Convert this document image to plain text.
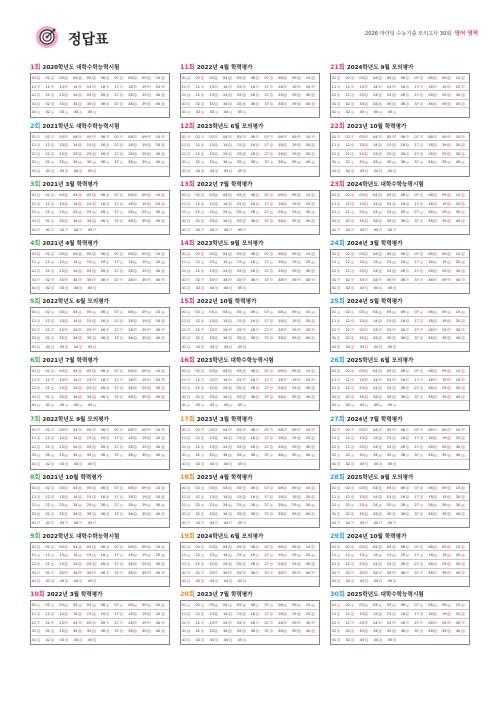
정답표	2026 마더텅 수능기출 모의고사 30회 영어 영역
1회 2020학년도 대학수학능력시험
01	02	03	04	05	06	07	08	09	10
11	12	13	14	15	16	17	18	19	20
21	22	23	24	25	26	27	28	29	30
31	32	33	34	35	36	37	38	39	40
41	42	43	44	45
2회 2021학년도 대학수학능력시험
01	02	03	04	05	06	07	08	09	10
11	12	13	14	15	16	17	18	19	20
21	22	23	24	25	26	27	28	29	30
31	32	33	34	35	36	37	38	39	40
41	42	43	44	45
3회 2021년 3월 학력평가
01	02	03	04	05	06	07	08	09	10
11	12	13	14	15	16	17	18	19	20
21	22	23	24	25	26	27	28	29	30
31	32	33	34	35	36	37	38	39	40
41	42	43	44	45
4회 2021년 4월 학력평가
01	02	03	04	05	06	07	08	09	10
11	12	13	14	15	16	17	18	19	20
21	22	23	24	25	26	27	28	29	30
31	32	33	34	35	36	37	38	39	40
41	42	43	44	45
5회 2022학년도 6월 모의평가
01	02	03	04	05	06	07	08	09	10
11	12	13	14	15	16	17	18	19	20
21	22	23	24	25	26	27	28	29	30
31	32	33	34	35	36	37	38	39	40
41	42	43	44	45
6회 2021년 7월 학력평가
01	02	03	04	05	06	07	08	09	10
11	12	13	14	15	16	17	18	19	20
21	22	23	24	25	26	27	28	29	30
31	32	33	34	35	36	37	38	39	40
41	42	43	44	45
7회 2022학년도 9월 모의평가
01	02	03	04	05	06	07	08	09	10
11	12	13	14	15	16	17	18	19	20
21	22	23	24	25	26	27	28	29	30
31	32	33	34	35	36	37	38	39	40
41	42	43	44	45
8회 2021년 10월 학력평가
01	02	03	04	05	06	07	08	09	10
11	12	13	14	15	16	17	18	19	20
21	22	23	24	25	26	27	28	29	30
31	32	33	34	35	36	37	38	39	40
41	42	43	44	45
9회 2022학년도 대학수학능력시험
01	02	03	04	05	06	07	08	09	10
11	12	13	14	15	16	17	18	19	20
21	22	23	24	25	26	27	28	29	30
31	32	33	34	35	36	37	38	39	40
41	42	43	44	45
10회 2022년 3월 학력평가
01	02	03	04	05	06	07	08	09	10
11	12	13	14	15	16	17	18	19	20
21	22	23	24	25	26	27	28	29	30
31	32	33	34	35	36	37	38	39	40
41	42	43	44	45
11회 2022년 4월 학력평가
01	02	03	04	05	06	07	08	09	10
11	12	13	14	15	16	17	18	19	20
21	22	23	24	25	26	27	28	29	30
31	32	33	34	35	36	37	38	39	40
41	42	43	44	45
12회 2023학년도 6월 모의평가
01	02	03	04	05	06	07	08	09	10
11	12	13	14	15	16	17	18	19	20
21	22	23	24	25	26	27	28	29	30
31	32	33	34	35	36	37	38	39	40
41	42	43	44	45
13회 2022년 7월 학력평가
01	02	03	04	05	06	07	08	09	10
11	12	13	14	15	16	17	18	19	20
21	22	23	24	25	26	27	28	29	30
31	32	33	34	35	36	37	38	39	40
41	42	43	44	45
14회 2023학년도 9월 모의평가
01	02	03	04	05	06	07	08	09	10
11	12	13	14	15	16	17	18	19	20
21	22	23	24	25	26	27	28	29	30
31	32	33	34	35	36	37	38	39	40
41	42	43	44	45
15회 2022년 10월 학력평가
01	02	03	04	05	06	07	08	09	10
11	12	13	14	15	16	17	18	19	20
21	22	23	24	25	26	27	28	29	30
31	32	33	34	35	36	37	38	39	40
41	42	43	44	45
16회 2023학년도 대학수학능력시험
01	02	03	04	05	06	07	08	09	10
11	12	13	14	15	16	17	18	19	20
21	22	23	24	25	26	27	28	29	30
31	32	33	34	35	36	37	38	39	40
41	42	43	44	45
17회 2023년 3월 학력평가
01	02	03	04	05	06	07	08	09	10
11	12	13	14	15	16	17	18	19	20
21	22	23	24	25	26	27	28	29	30
31	32	33	34	35	36	37	38	39	40
41	42	43	44	45
18회 2023년 4월 학력평가
01	02	03	04	05	06	07	08	09	10
11	12	13	14	15	16	17	18	19	20
21	22	23	24	25	26	27	28	29	30
31	32	33	34	35	36	37	38	39	40
41	42	43	44	45
19회 2024학년도 6월 모의평가
01	02	03	04	05	06	07	08	09	10
11	12	13	14	15	16	17	18	19	20
21	22	23	24	25	26	27	28	29	30
31	32	33	34	35	36	37	38	39	40
41	42	43	44	45
20회 2023년 7월 학력평가
01	02	03	04	05	06	07	08	09	10
11	12	13	14	15	16	17	18	19	20
21	22	23	24	25	26	27	28	29	30
31	32	33	34	35	36	37	38	39	40
41	42	43	44	45
21회 2024학년도 9월 모의평가
01	02	03	04	05	06	07	08	09	10
11	12	13	14	15	16	17	18	19	20
21	22	23	24	25	26	27	28	29	30
31	32	33	34	35	36	37	38	39	40
41	42	43	44	45
22회 2023년 10월 학력평가
01	02	03	04	05	06	07	08	09	10
11	12	13	14	15	16	17	18	19	20
21	22	23	24	25	26	27	28	29	30
31	32	33	34	35	36	37	38	39	40
41	42	43	44	45
23회 2024학년도 대학수학능력시험
01	02	03	04	05	06	07	08	09	10
11	12	13	14	15	16	17	18	19	20
21	22	23	24	25	26	27	28	29	30
31	32	33	34	35	36	37	38	39	40
41	42	43	44	45
24회 2024년 3월 학력평가
01	02	03	04	05	06	07	08	09	10
11	12	13	14	15	16	17	18	19	20
21	22	23	24	25	26	27	28	29	30
31	32	33	34	35	36	37	38	39	40
41	42	43	44	45
25회 2024년 5월 학력평가
01	02	03	04	05	06	07	08	09	10
11	12	13	14	15	16	17	18	19	20
21	22	23	24	25	26	27	28	29	30
31	32	33	34	35	36	37	38	39	40
41	42	43	44	45
26회 2025학년도 6월 모의평가
01	02	03	04	05	06	07	08	09	10
11	12	13	14	15	16	17	18	19	20
21	22	23	24	25	26	27	28	29	30
31	32	33	34	35	36	37	38	39	40
41	42	43	44	45
27회 2024년 7월 학력평가
01	02	03	04	05	06	07	08	09	10
11	12	13	14	15	16	17	18	19	20
21	22	23	24	25	26	27	28	29	30
31	32	33	34	35	36	37	38	39	40
41	42	43	44	45
28회 2025학년도 9월 모의평가
01	02	03	04	05	06	07	08	09	10
11	12	13	14	15	16	17	18	19	20
21	22	23	24	25	26	27	28	29	30
31	32	33	34	35	36	37	38	39	40
41	42	43	44	45
29회 2024년 10월 학력평가
01	02	03	04	05	06	07	08	09	10
11	12	13	14	15	16	17	18	19	20
21	22	23	24	25	26	27	28	29	30
31	32	33	34	35	36	37	38	39	40
41	42	43	44	45
30회 2025학년도 대학수학능력시험
01	02	03	04	05	06	07	08	09	10
11	12	13	14	15	16	17	18	19	20
21	22	23	24	25	26	27	28	29	30
31	32	33	34	35	36	37	38	39	40
41	42	43	44	45
